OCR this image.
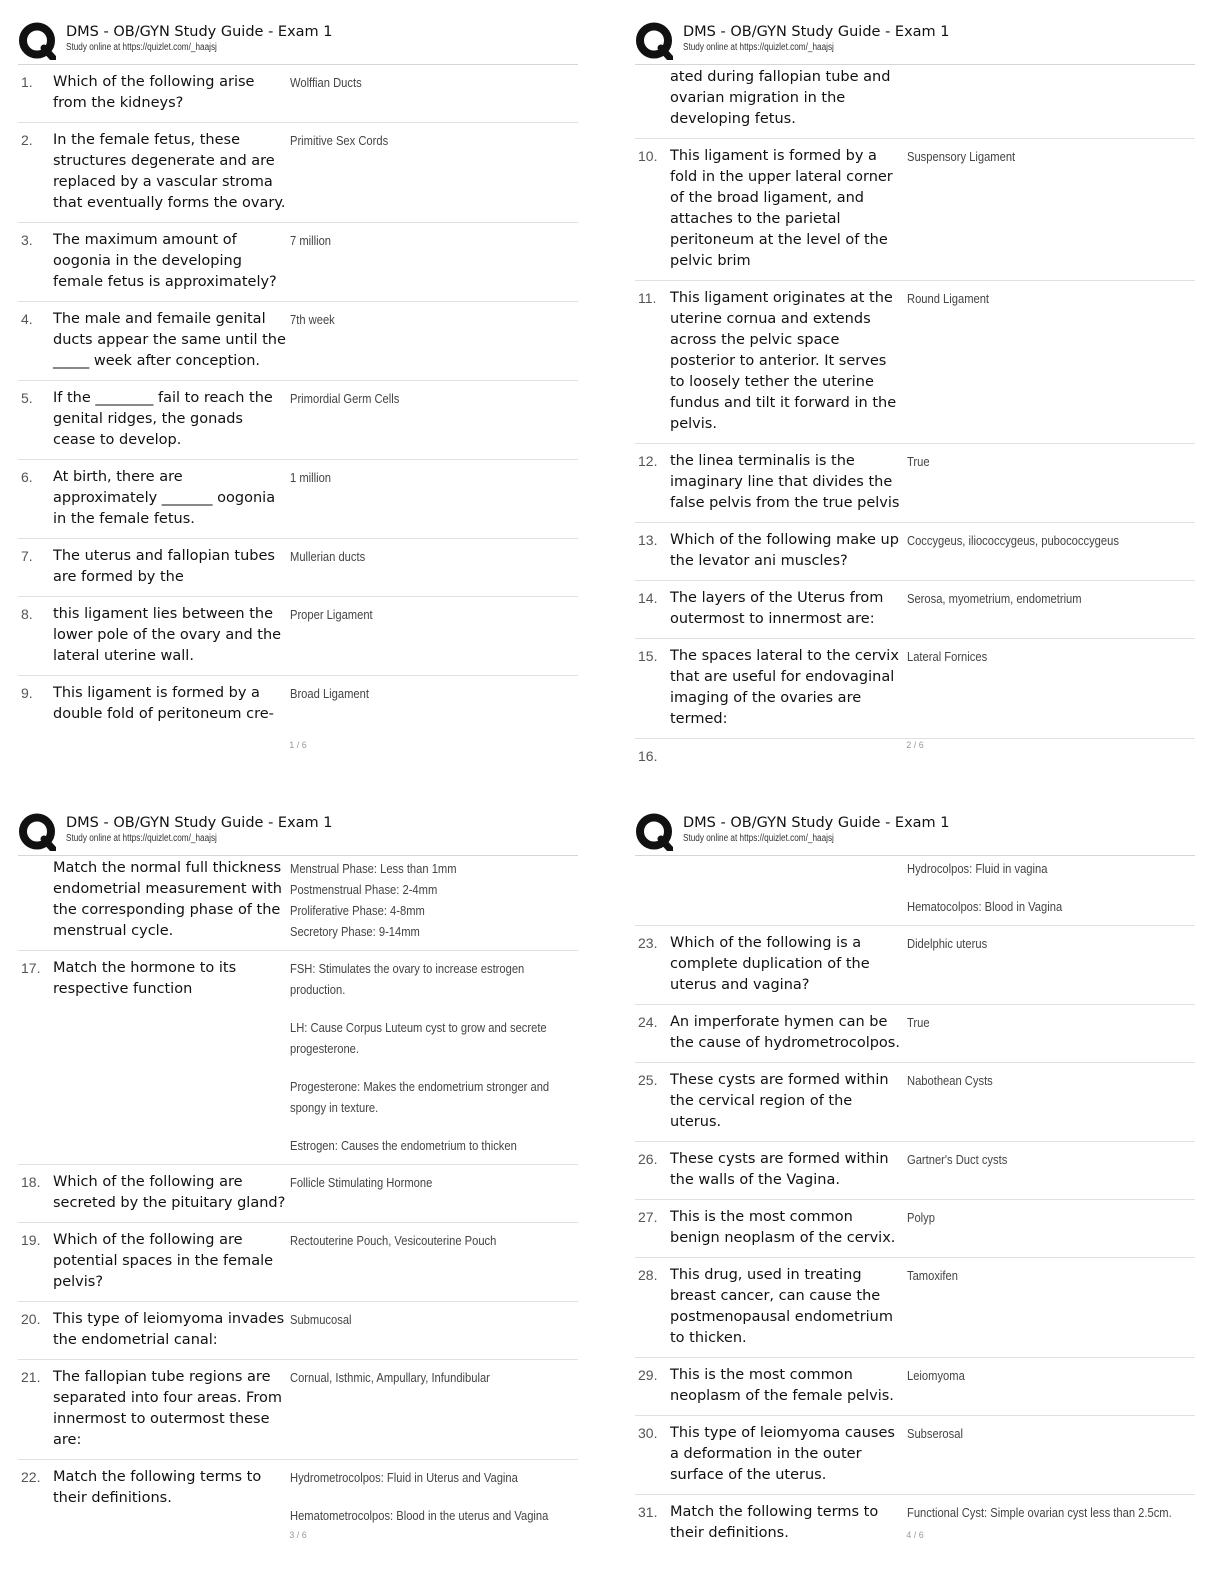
DMS - OB/GYN Study Guide - Exam 1
Study online at https://quizlet.com/_haajsj
1.	Which of the following arise from the kidneys?
Wolffian Ducts
2.	In the female fetus, these structures degenerate and are replaced by a vascular stroma that eventually forms the ovary.
Primitive Sex Cords
3.	The maximum amount of oogonia in the developing female fetus is approximately?
7 million
4.	The male and femaile genital ducts appear the same until the _____ week after conception.
7th week
5.	If the ________ fail to reach the genital ridges, the gonads cease to develop.
Primordial Germ Cells
6.	At birth, there are approximately _______ oogonia in the female fetus.
1 million
7.	The uterus and fallopian tubes are formed by the
Mullerian ducts
8.	this ligament lies between the lower pole of the ovary and the lateral uterine wall.
Proper Ligament
9.	This ligament is formed by a double fold of peritoneum cre-
Broad Ligament
DMS - OB/GYN Study Guide - Exam 1
Study online at https://quizlet.com/_haajsj
ated during fallopian tube and ovarian migration in the developing fetus.
10. This ligament is formed by a fold in the upper lateral corner of the broad ligament, and attaches to the parietal peritoneum at the level of the pelvic brim
Suspensory Ligament
11. This ligament originates at the uterine cornua and extends across the pelvic space posterior to anterior. It serves to loosely tether the uterine fundus and tilt it forward in the pelvis.
Round Ligament
12. the linea terminalis is the imaginary line that divides the false pelvis from the true pelvis
True
13. Which of the following make up the levator ani muscles?
Coccygeus, iliococcygeus, pubococcygeus
14. The layers of the Uterus from outermost to innermost are:
Serosa, myometrium, endometrium
15. The spaces lateral to the cervix that are useful for endovaginal imaging of the ovaries are termed:
Lateral Fornices
16.
DMS - OB/GYN Study Guide - Exam 1
Study online at https://quizlet.com/_haajsj
Match the normal full thickness endometrial measurement with the corresponding phase of the menstrual cycle.
Menstrual Phase: Less than 1mm
Postmenstrual Phase: 2-4mm
Proliferative Phase: 4-8mm
Secretory Phase: 9-14mm
17. Match the hormone to its respective function
FSH: Stimulates the ovary to increase estrogen production.
LH: Cause Corpus Luteum cyst to grow and secrete progesterone.
Progesterone: Makes the endometrium stronger and spongy in texture.
Estrogen: Causes the endometrium to thicken
18. Which of the following are secreted by the pituitary gland?
Follicle Stimulating Hormone
19. Which of the following are potential spaces in the female pelvis?
Rectouterine Pouch, Vesicouterine Pouch
20. This type of leiomyoma invades the endometrial canal:
Submucosal
21. The fallopian tube regions are separated into four areas. From innermost to outermost these are:
Cornual, Isthmic, Ampullary, Infundibular
22. Match the following terms to their definitions.
Hydrometrocolpos: Fluid in Uterus and Vagina
Hematometrocolpos: Blood in the uterus and Vagina
DMS - OB/GYN Study Guide - Exam 1
Study online at https://quizlet.com/_haajsj
Hydrocolpos: Fluid in vagina
Hematocolpos: Blood in Vagina
23. Which of the following is a complete duplication of the uterus and vagina?
Didelphic uterus
24. An imperforate hymen can be the cause of hydrometrocolpos.
True
25. These cysts are formed within the cervical region of the uterus.
Nabothean Cysts
26. These cysts are formed within the walls of the Vagina.
Gartner's Duct cysts
27. This is the most common benign neoplasm of the cervix.
Polyp
28. This drug, used in treating breast cancer, can cause the postmenopausal endometrium to thicken.
Tamoxifen
29. This is the most common neoplasm of the female pelvis.
Leiomyoma
30. This type of leiomyoma causes a deformation in the outer surface of the uterus.
Subserosal
31. Match the following terms to their definitions.
Functional Cyst: Simple ovarian cyst less than 2.5cm.
1 / 6	2 / 6
3 / 6	4 / 6
